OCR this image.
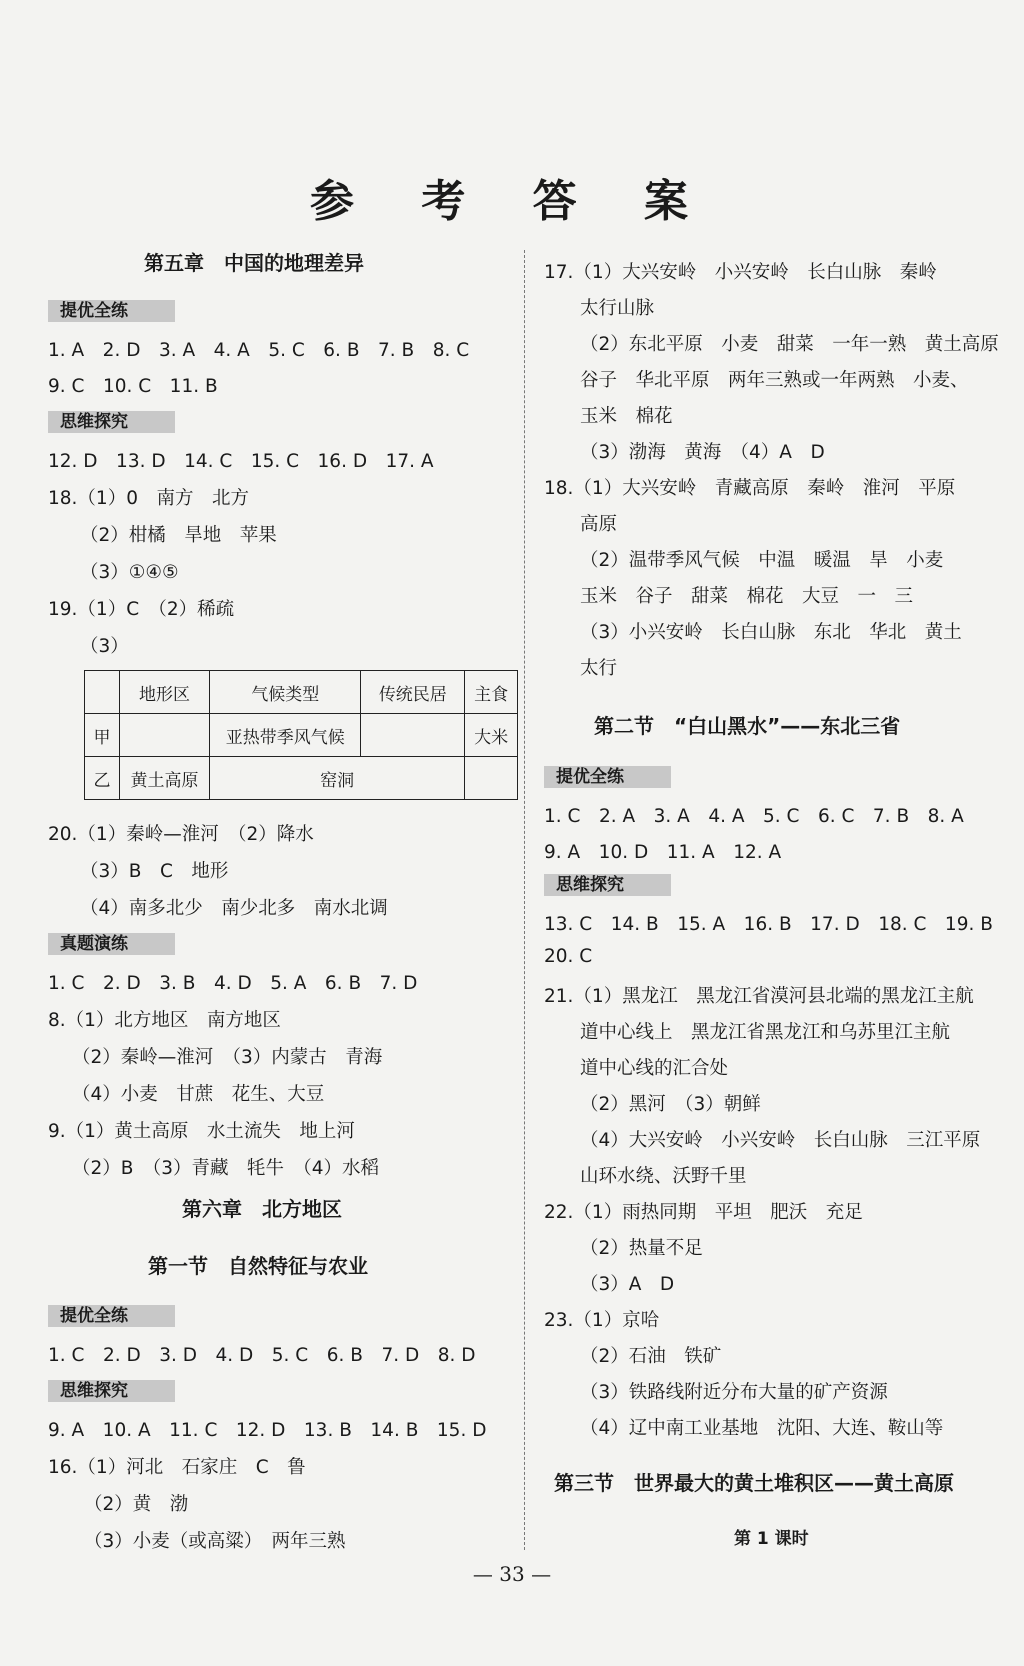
参 考 答 案
第五章　中国的地理差异
提优全练
1. A　2. D　3. A　4. A　5. C　6. B　7. B　8. C
9. C　10. C　11. B
思维探究
12. D　13. D　14. C　15. C　16. D　17. A
18.（1）0　南方　北方
（2）柑橘　旱地　苹果
（3）①④⑤
19.（1）C　（2）稀疏
（3）
	地形区	气候类型	传统民居	主食
甲		亚热带季风气候		大米
乙	黄土高原	窑洞		
20.（1）秦岭—淮河　（2）降水
（3）B　C　地形
（4）南多北少　南少北多　南水北调
真题演练
1. C　2. D　3. B　4. D　5. A　6. B　7. D
8.（1）北方地区　南方地区
（2）秦岭—淮河　（3）内蒙古　青海
（4）小麦　甘蔗　花生、大豆
9.（1）黄土高原　水土流失　地上河
（2）B　（3）青藏　牦牛　（4）水稻
第六章　北方地区
第一节　自然特征与农业
提优全练
1. C　2. D　3. D　4. D　5. C　6. B　7. D　8. D
思维探究
9. A　10. A　11. C　12. D　13. B　14. B　15. D
16.（1）河北　石家庄　C　鲁
（2）黄　渤
（3）小麦（或高粱）　两年三熟
17.（1）大兴安岭　小兴安岭　长白山脉　秦岭
太行山脉
（2）东北平原　小麦　甜菜　一年一熟　黄土高原
谷子　华北平原　两年三熟或一年两熟　小麦、
玉米　棉花
（3）渤海　黄海　（4）A　D
18.（1）大兴安岭　青藏高原　秦岭　淮河　平原
高原
（2）温带季风气候　中温　暖温　旱　小麦
玉米　谷子　甜菜　棉花　大豆　一　三
（3）小兴安岭　长白山脉　东北　华北　黄土
太行
第二节　“白山黑水”——东北三省
提优全练
1. C　2. A　3. A　4. A　5. C　6. C　7. B　8. A
9. A　10. D　11. A　12. A
思维探究
13. C　14. B　15. A　16. B　17. D　18. C　19. B
20. C
21.（1）黑龙江　黑龙江省漠河县北端的黑龙江主航
道中心线上　黑龙江省黑龙江和乌苏里江主航
道中心线的汇合处
（2）黑河　（3）朝鲜
（4）大兴安岭　小兴安岭　长白山脉　三江平原
山环水绕、沃野千里
22.（1）雨热同期　平坦　肥沃　充足
（2）热量不足
（3）A　D
23.（1）京哈
（2）石油　铁矿
（3）铁路线附近分布大量的矿产资源
（4）辽中南工业基地　沈阳、大连、鞍山等
第三节　世界最大的黄土堆积区——黄土高原
第 1 课时
— 33 —
